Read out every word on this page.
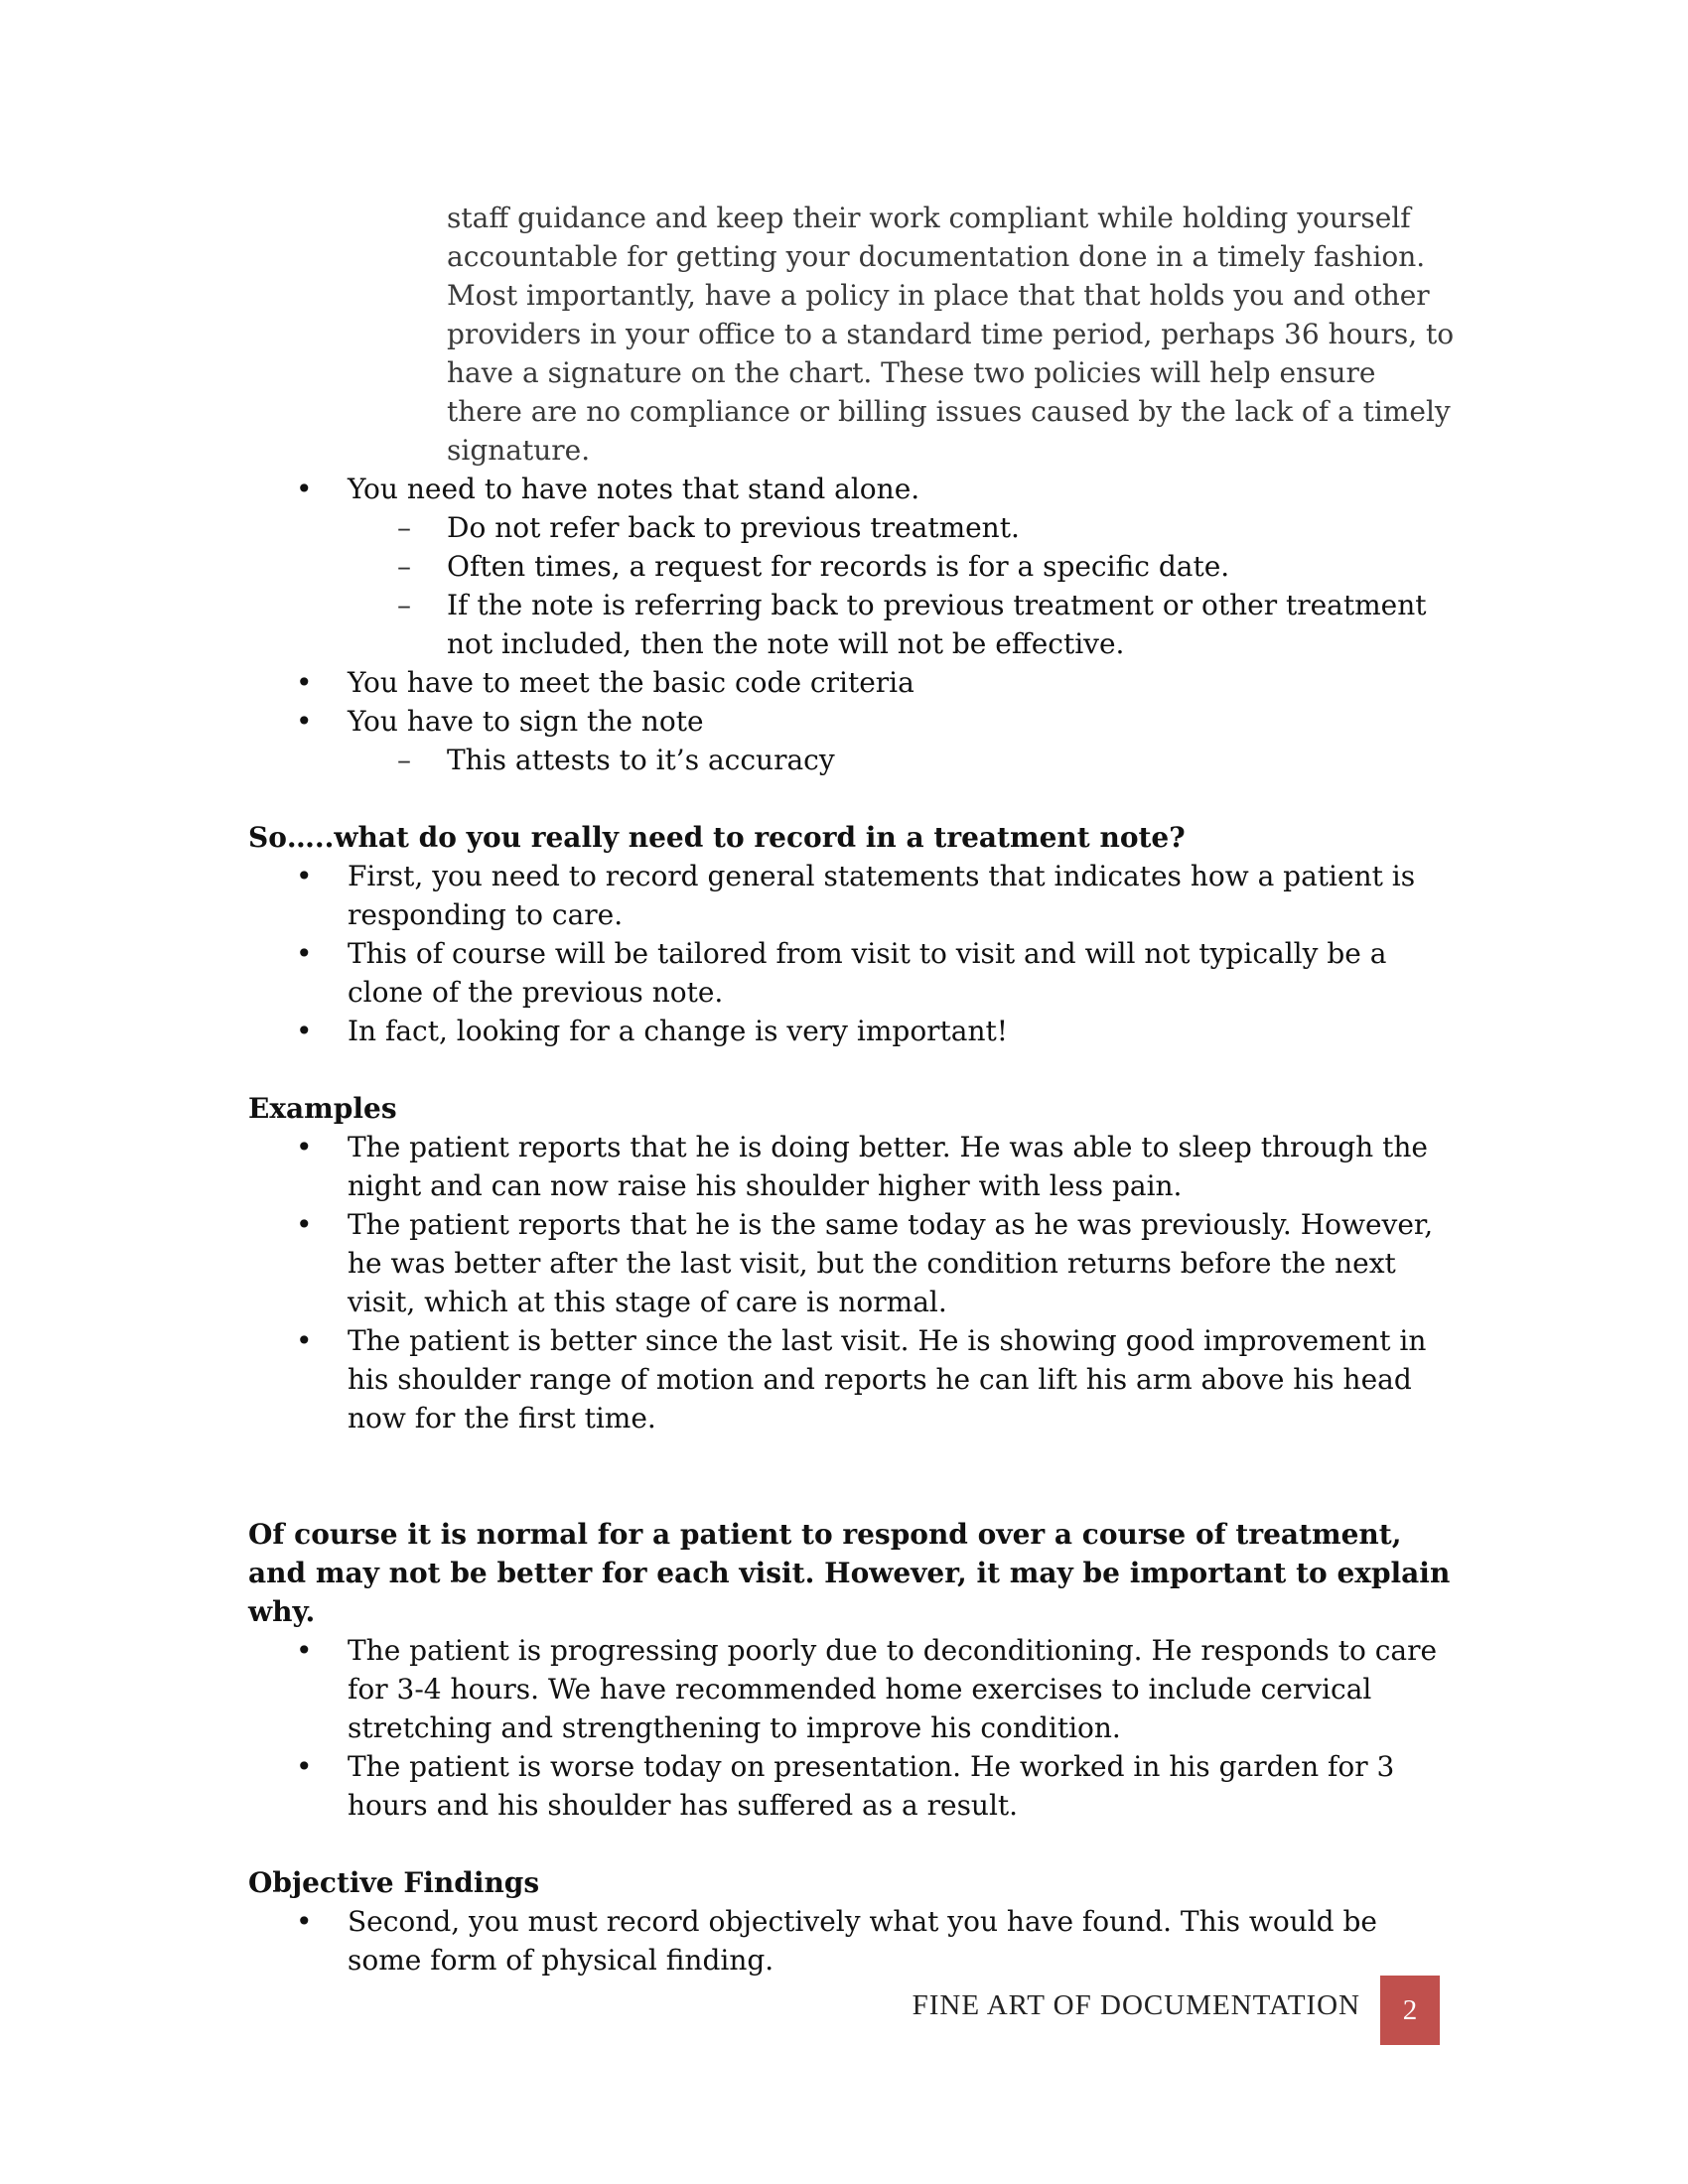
staff guidance and keep their work compliant while holding yourself accountable for getting your documentation done in a timely fashion. Most importantly, have a policy in place that that holds you and other providers in your office to a standard time period, perhaps 36 hours, to have a signature on the chart. These two policies will help ensure there are no compliance or billing issues caused by the lack of a timely signature.

• You need to have notes that stand alone.
– Do not refer back to previous treatment.
– Often times, a request for records is for a specific date.
– If the note is referring back to previous treatment or other treatment not included, then the note will not be effective.
• You have to meet the basic code criteria
• You have to sign the note
– This attests to it’s accuracy
So…..what do you really need to record in a treatment note?
• First, you need to record general statements that indicates how a patient is responding to care.
• This of course will be tailored from visit to visit and will not typically be a clone of the previous note.
• In fact, looking for a change is very important!
Examples
• The patient reports that he is doing better. He was able to sleep through the night and can now raise his shoulder higher with less pain.
• The patient reports that he is the same today as he was previously. However, he was better after the last visit, but the condition returns before the next visit, which at this stage of care is normal.
• The patient is better since the last visit. He is showing good improvement in his shoulder range of motion and reports he can lift his arm above his head now for the first time.
Of course it is normal for a patient to respond over a course of treatment, and may not be better for each visit. However, it may be important to explain why.
• The patient is progressing poorly due to deconditioning. He responds to care for 3-4 hours. We have recommended home exercises to include cervical stretching and strengthening to improve his condition.
• The patient is worse today on presentation. He worked in his garden for 3 hours and his shoulder has suffered as a result.
Objective Findings
• Second, you must record objectively what you have found. This would be some form of physical finding.
FINE ART OF DOCUMENTATION	2
